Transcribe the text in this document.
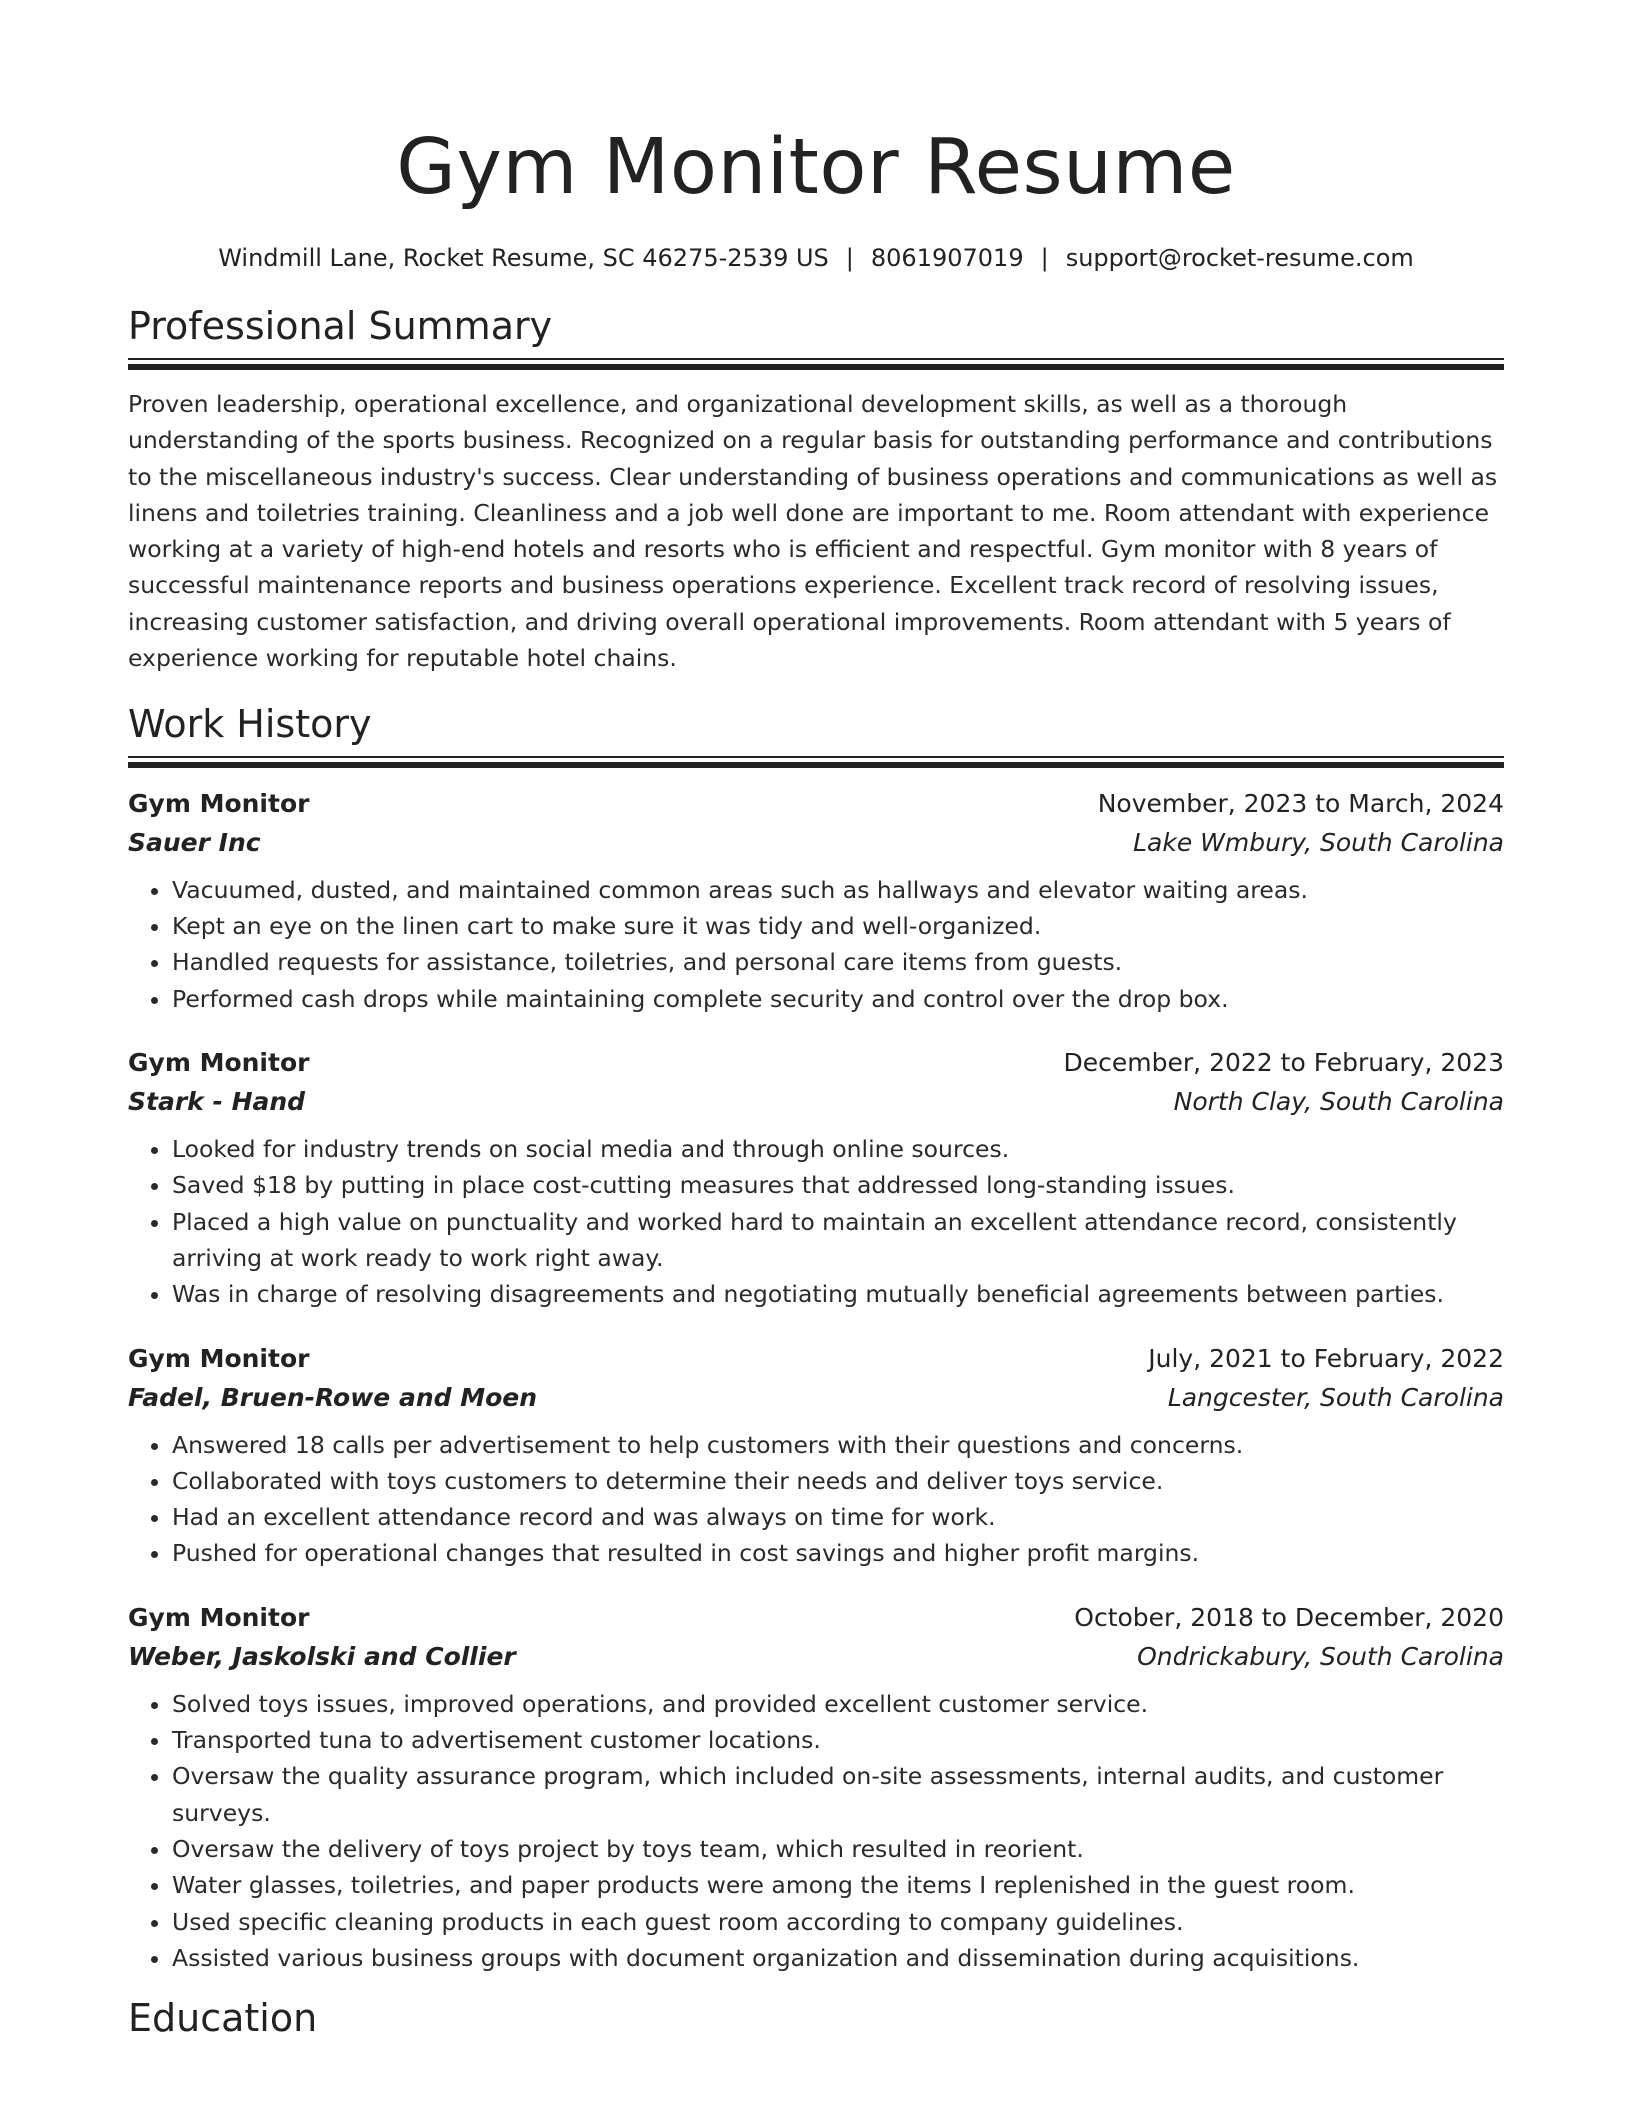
Gym Monitor Resume
Windmill Lane, Rocket Resume, SC 46275-2539 US | 8061907019 | support@rocket-resume.com
Professional Summary

Proven leadership, operational excellence, and organizational development skills, as well as a thorough understanding of the sports business. Recognized on a regular basis for outstanding performance and contributions to the miscellaneous industry's success. Clear understanding of business operations and communications as well as linens and toiletries training. Cleanliness and a job well done are important to me. Room attendant with experience working at a variety of high-end hotels and resorts who is efficient and respectful. Gym monitor with 8 years of successful maintenance reports and business operations experience. Excellent track record of resolving issues, increasing customer satisfaction, and driving overall operational improvements. Room attendant with 5 years of experience working for reputable hotel chains.

Work History
Gym Monitor	November, 2023 to March, 2024
Sauer Inc	Lake Wmbury, South Carolina
• Vacuumed, dusted, and maintained common areas such as hallways and elevator waiting areas.
• Kept an eye on the linen cart to make sure it was tidy and well-organized.
• Handled requests for assistance, toiletries, and personal care items from guests.
• Performed cash drops while maintaining complete security and control over the drop box.
Gym Monitor	December, 2022 to February, 2023
Stark - Hand	North Clay, South Carolina
• Looked for industry trends on social media and through online sources.
• Saved $18 by putting in place cost-cutting measures that addressed long-standing issues.
• Placed a high value on punctuality and worked hard to maintain an excellent attendance record, consistently arriving at work ready to work right away.
• Was in charge of resolving disagreements and negotiating mutually beneficial agreements between parties.
Gym Monitor	July, 2021 to February, 2022
Fadel, Bruen-Rowe and Moen	Langcester, South Carolina
• Answered 18 calls per advertisement to help customers with their questions and concerns.
• Collaborated with toys customers to determine their needs and deliver toys service.
• Had an excellent attendance record and was always on time for work.
• Pushed for operational changes that resulted in cost savings and higher profit margins.
Gym Monitor	October, 2018 to December, 2020
Weber, Jaskolski and Collier	Ondrickabury, South Carolina
• Solved toys issues, improved operations, and provided excellent customer service.
• Transported tuna to advertisement customer locations.
• Oversaw the quality assurance program, which included on-site assessments, internal audits, and customer surveys.
• Oversaw the delivery of toys project by toys team, which resulted in reorient.
• Water glasses, toiletries, and paper products were among the items I replenished in the guest room.
• Used specific cleaning products in each guest room according to company guidelines.
• Assisted various business groups with document organization and dissemination during acquisitions.
Education
